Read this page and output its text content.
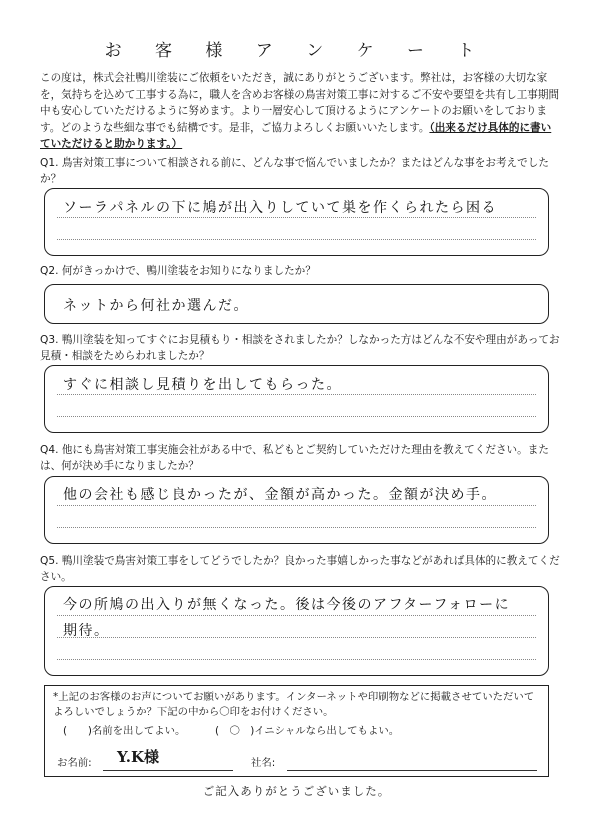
お 客 様 ア ン ケ ー ト
この度は，株式会社鴨川塗装にご依頼をいただき，誠にありがとうございます。弊社は，お客様の大切な家を，気持ちを込めて工事する為に，職人を含めお客様の鳥害対策工事に対するご不安や要望を共有し工事期間中も安心していただけるように努めます。より一層安心して頂けるようにアンケートのお願いをしております。どのような些細な事でも結構です。是非，ご協力よろしくお願いいたします。（出来るだけ具体的に書いていただけると助かります。）
Q1. 鳥害対策工事について相談される前に、どんな事で悩んでいましたか？またはどんな事をお考えでしたか？
ソーラパネルの下に鳩が出入りしていて巣を作くられたら困る
Q2. 何がきっかけで、鴨川塗装をお知りになりましたか？
ネットから何社か選んだ。
Q3. 鴨川塗装を知ってすぐにお見積もり・相談をされましたか？しなかった方はどんな不安や理由があってお見積・相談をためらわれましたか？
すぐに相談し見積りを出してもらった。
Q4. 他にも鳥害対策工事実施会社がある中で、私どもとご契約していただけた理由を教えてください。または、何が決め手になりましたか？
他の会社も感じ良かったが、金額が高かった。金額が決め手。
Q5. 鴨川塗装で鳥害対策工事をしてどうでしたか？良かった事嬉しかった事などがあれば具体的に教えてください。
今の所鳩の出入りが無くなった。後は今後のアフターフォローに
期待。
*上記のお客様のお声についてお願いがあります。インターネットや印刷物などに掲載させていただいてよろしいでしょうか？下記の中から〇印をお付けください。
(　　)名前を出してよい。	(　〇　)イニシャルなら出してもよい。
お名前: Y.K様	社名:
ご記入ありがとうございました。
